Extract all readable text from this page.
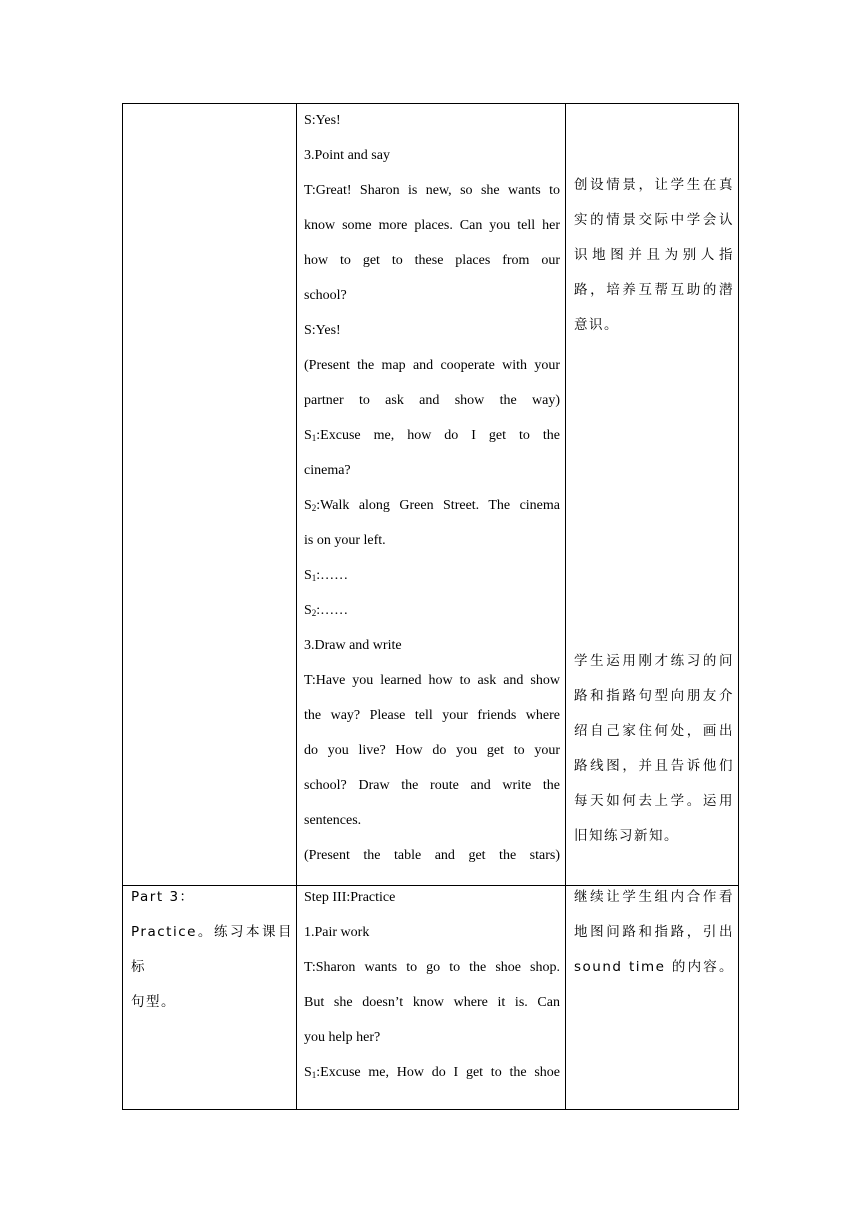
S:Yes!
3.Point and say
T:Great! Sharon is new, so she wants to
know some more places. Can you tell her
how to get to these places from our
school?
S:Yes!
(Present the map and cooperate with your
partner to ask and show the way)
$S_1:Excuse$ me, how do I get to the
cinema?
$S_2:Walk$ along Green Street. The cinema
is on your left.
$S_1:\dots\dots$
$S_2:\dots\dots$
3.Draw and write
T:Have you learned how to ask and show
the way? Please tell your friends where
do you live? How do you get to your
school? Draw the route and write the
sentences.
(Present the table and get the stars)
创设情景，让学生在真
实的情景交际中学会认
识地图并且为别人指
路，培养互帮互助的潜
意识。
学生运用刚才练习的问
路和指路句型向朋友介
绍自己家住何处，画出
路线图，并且告诉他们
每天如何去上学。运用
旧知练习新知。
Part 3：
Practice。练习本课目标
句型。
Step III:Practice
1.Pair work
T:Sharon wants to go to the shoe shop.
But she doesn’t know where it is. Can
you help her?
$S_1:Excuse$ me, How do I get to the shoe
继续让学生组内合作看
地图问路和指路，引出
sound time 的内容。
